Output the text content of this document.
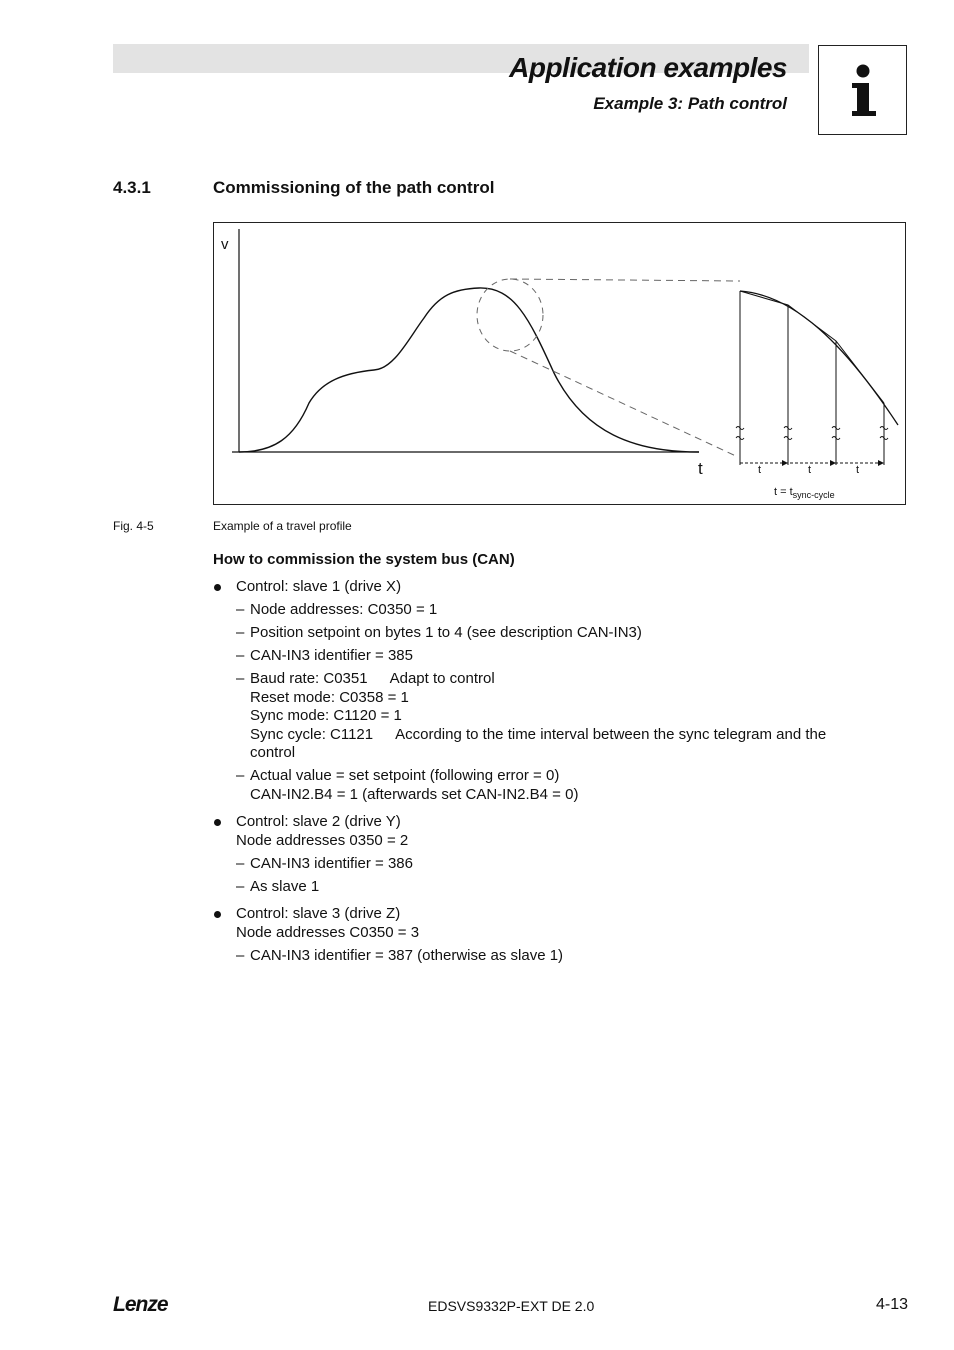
Application examples
Example 3: Path control
4.3.1	Commissioning of the path control
v
t	t	t	t
$t = t_{sync-cycle}$
Fig. 4-5	Example of a travel profile
How to commission the system bus (CAN)
Control: slave 1 (drive X)
– Node addresses: C0350 = 1
– Position setpoint on bytes 1 to 4 (see description CAN-IN3)
– CAN-IN3 identifier = 385
– Baud rate: C0351 Adapt to control
Reset mode: C0358 = 1
Sync mode: C1120 = 1
Sync cycle: C1121 According to the time interval between the sync telegram and the
control
– Actual value = set setpoint (following error = 0)
CAN-IN2.B4 = 1 (afterwards set CAN-IN2.B4 = 0)
Control: slave 2 (drive Y)
Node addresses 0350 = 2
– CAN-IN3 identifier = 386
– As slave 1
Control: slave 3 (drive Z)
Node addresses C0350 = 3
– CAN-IN3 identifier = 387 (otherwise as slave 1)
Lenze	EDSVS9332P-EXT DE 2.0	4-13
